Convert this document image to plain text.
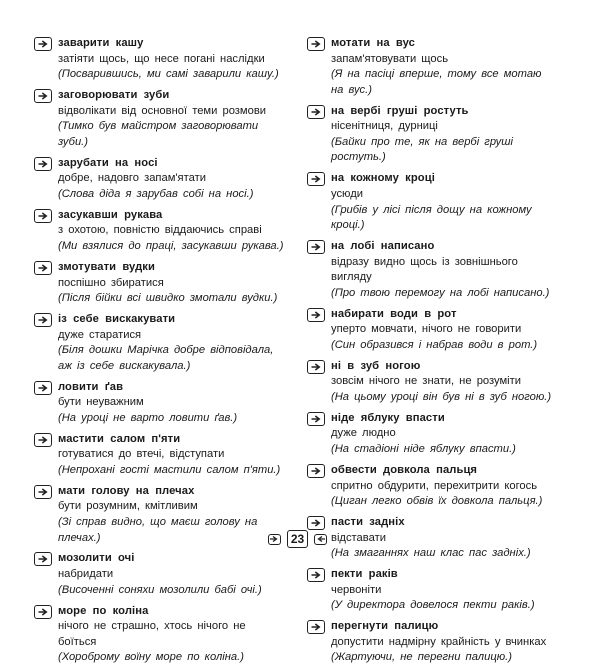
заварити кашу
затіяти щось, що несе погані наслідки
(Посварившись, ми самі заварили кашу.)
заговорювати зуби
відволікати від основної теми розмови
(Тимко був майстром заговорювати зуби.)
зарубати на носі
добре, надовго запам'ятати
(Слова діда я зарубав собі на носі.)
засукавши рукава
з охотою, повністю віддаючись справі
(Ми взялися до праці, засукавши рукава.)
змотувати вудки
поспішно збиратися
(Після бійки всі швидко змотали вудки.)
із себе вискакувати
дуже старатися
(Біля дошки Марічка добре відповідала, аж із себе вискакувала.)
ловити ґав
бути неуважним
(На уроці не варто ловити ґав.)
мастити салом п'яти
готуватися до втечі, відступати
(Непрохані гості мастили салом п'яти.)
мати голову на плечах
бути розумним, кмітливим
(Зі справ видно, що маєш голову на плечах.)
мозолити очі
набридати
(Височенні соняхи мозолили бабі очі.)
море по коліна
нічого не страшно, хтось нічого не боїться
(Хороброму воїну море по коліна.)
мотати на вус
запам'ятовувати щось
(Я на пасіці вперше, тому все мотаю на вус.)
на вербі груші ростуть
нісенітниця, дурниці
(Байки про те, як на вербі груші ростуть.)
на кожному кроці
усюди
(Грибів у лісі після дощу на кожному кроці.)
на лобі написано
відразу видно щось із зовнішнього вигляду
(Про твою перемогу на лобі написано.)
набирати води в рот
уперто мовчати, нічого не говорити
(Син образився і набрав води в рот.)
ні в зуб ногою
зовсім нічого не знати, не розуміти
(На цьому уроці він був ні в зуб ногою.)
ніде яблуку впасти
дуже людно
(На стадіоні ніде яблуку впасти.)
обвести довкола пальця
спритно обдурити, перехитрити когось
(Циган легко обвів їх довкола пальця.)
пасти задніх
відставати
(На змаганнях наш клас пас задніх.)
пекти раків
червоніти
(У директора довелося пекти раків.)
перегнути палицю
допустити надмірну крайність у вчинках
(Жартуючи, не перегни палицю.)
23
